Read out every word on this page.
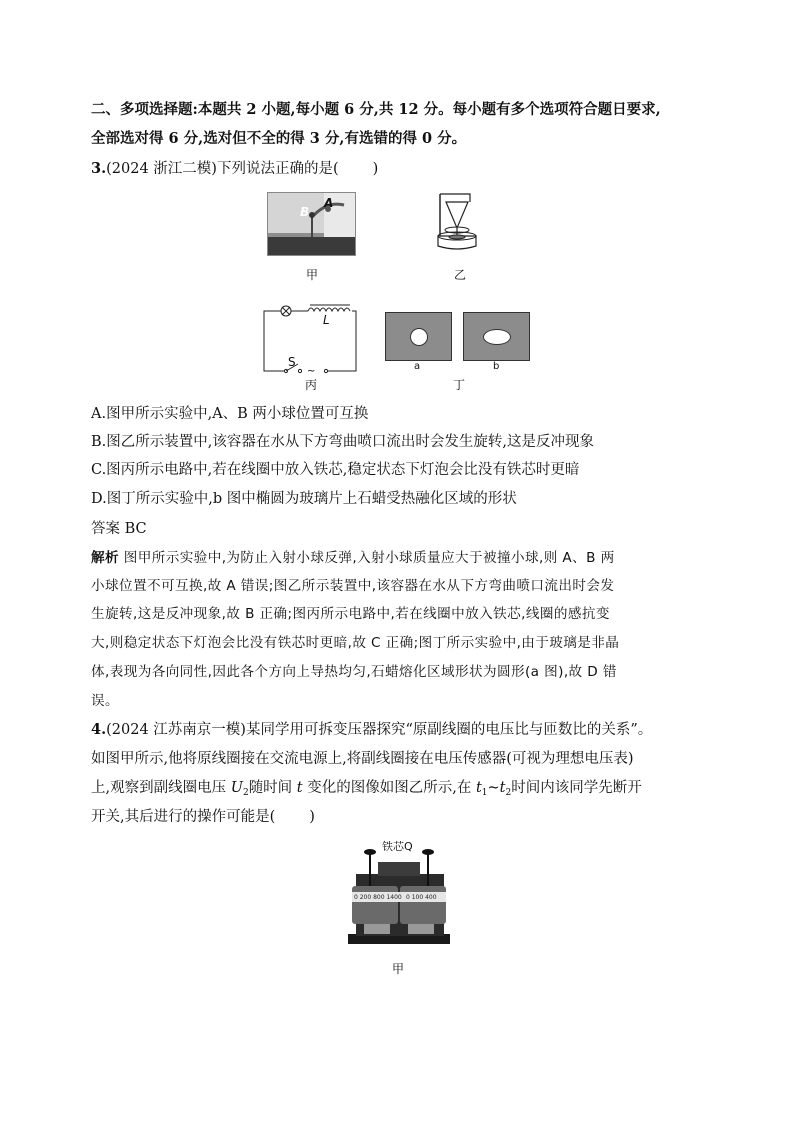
二、多项选择题:本题共 2 小题,每小题 6 分,共 12 分。每小题有多个选项符合题日要求,
全部选对得 6 分,选对但不全的得 3 分,有选错的得 0 分。
3.(2024 浙江二模)下列说法正确的是( )
B
A
甲	乙
~
L
S
丙
a	b
丁
A.图甲所示实验中,A、B 两小球位置可互换
B.图乙所示装置中,该容器在水从下方弯曲喷口流出时会发生旋转,这是反冲现象
C.图丙所示电路中,若在线圈中放入铁芯,稳定状态下灯泡会比没有铁芯时更暗
D.图丁所示实验中,b 图中椭圆为玻璃片上石蜡受热融化区域的形状
答案 BC
解析 图甲所示实验中,为防止入射小球反弹,入射小球质量应大于被撞小球,则 A、B 两
小球位置不可互换,故 A 错误;图乙所示装置中,该容器在水从下方弯曲喷口流出时会发
生旋转,这是反冲现象,故 B 正确;图丙所示电路中,若在线圈中放入铁芯,线圈的感抗变
大,则稳定状态下灯泡会比没有铁芯时更暗,故 C 正确;图丁所示实验中,由于玻璃是非晶
体,表现为各向同性,因此各个方向上导热均匀,石蜡熔化区域形状为圆形(a 图),故 D 错
误。
4.(2024 江苏南京一模)某同学用可拆变压器探究“原副线圈的电压比与匝数比的关系”。
如图甲所示,他将原线圈接在交流电源上,将副线圈接在电压传感器(可视为理想电压表)
上,观察到副线圈电压 $U_2$随时间 t 变化的图像如图乙所示,在 $t_1\sim t_2$时间内该同学先断开
开关,其后进行的操作可能是( )
铁芯Q
0 200 800 1400 0 100 400
甲
